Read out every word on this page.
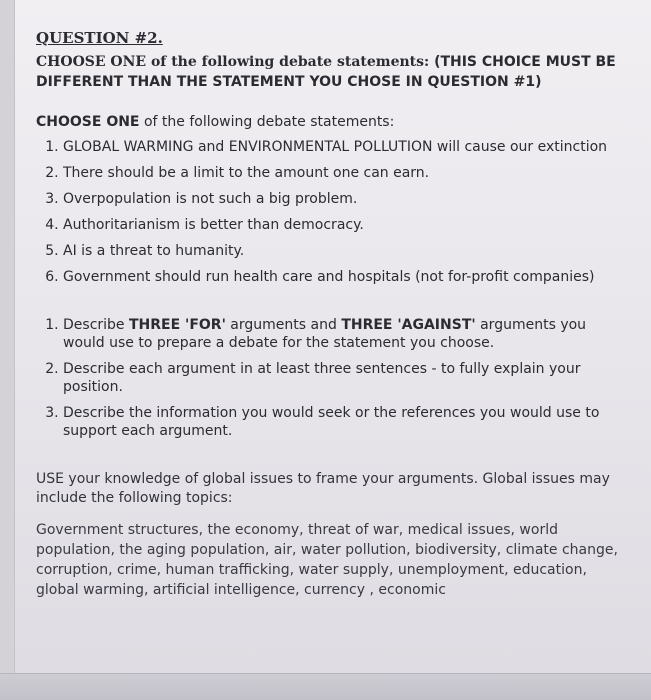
QUESTION #2.

CHOOSE ONE of the following debate statements: (THIS CHOICE MUST BE DIFFERENT THAN THE STATEMENT YOU CHOSE IN QUESTION #1)
CHOOSE ONE of the following debate statements:
1. GLOBAL WARMING and ENVIRONMENTAL POLLUTION will cause our extinction
2. There should be a limit to the amount one can earn.
3. Overpopulation is not such a big problem.
4. Authoritarianism is better than democracy.
5. AI is a threat to humanity.
6. Government should run health care and hospitals (not for-profit companies)
1. Describe THREE 'FOR' arguments and THREE 'AGAINST' arguments you would use to prepare a debate for the statement you choose.
2. Describe each argument in at least three sentences - to fully explain your position.
3. Describe the information you would seek or the references you would use to support each argument.
USE your knowledge of global issues to frame your arguments. Global issues may include the following topics:
Government structures, the economy, threat of war, medical issues, world population, the aging population, air, water pollution, biodiversity, climate change, corruption, crime, human trafficking, water supply, unemployment, education, global warming, artificial intelligence, currency , economic
